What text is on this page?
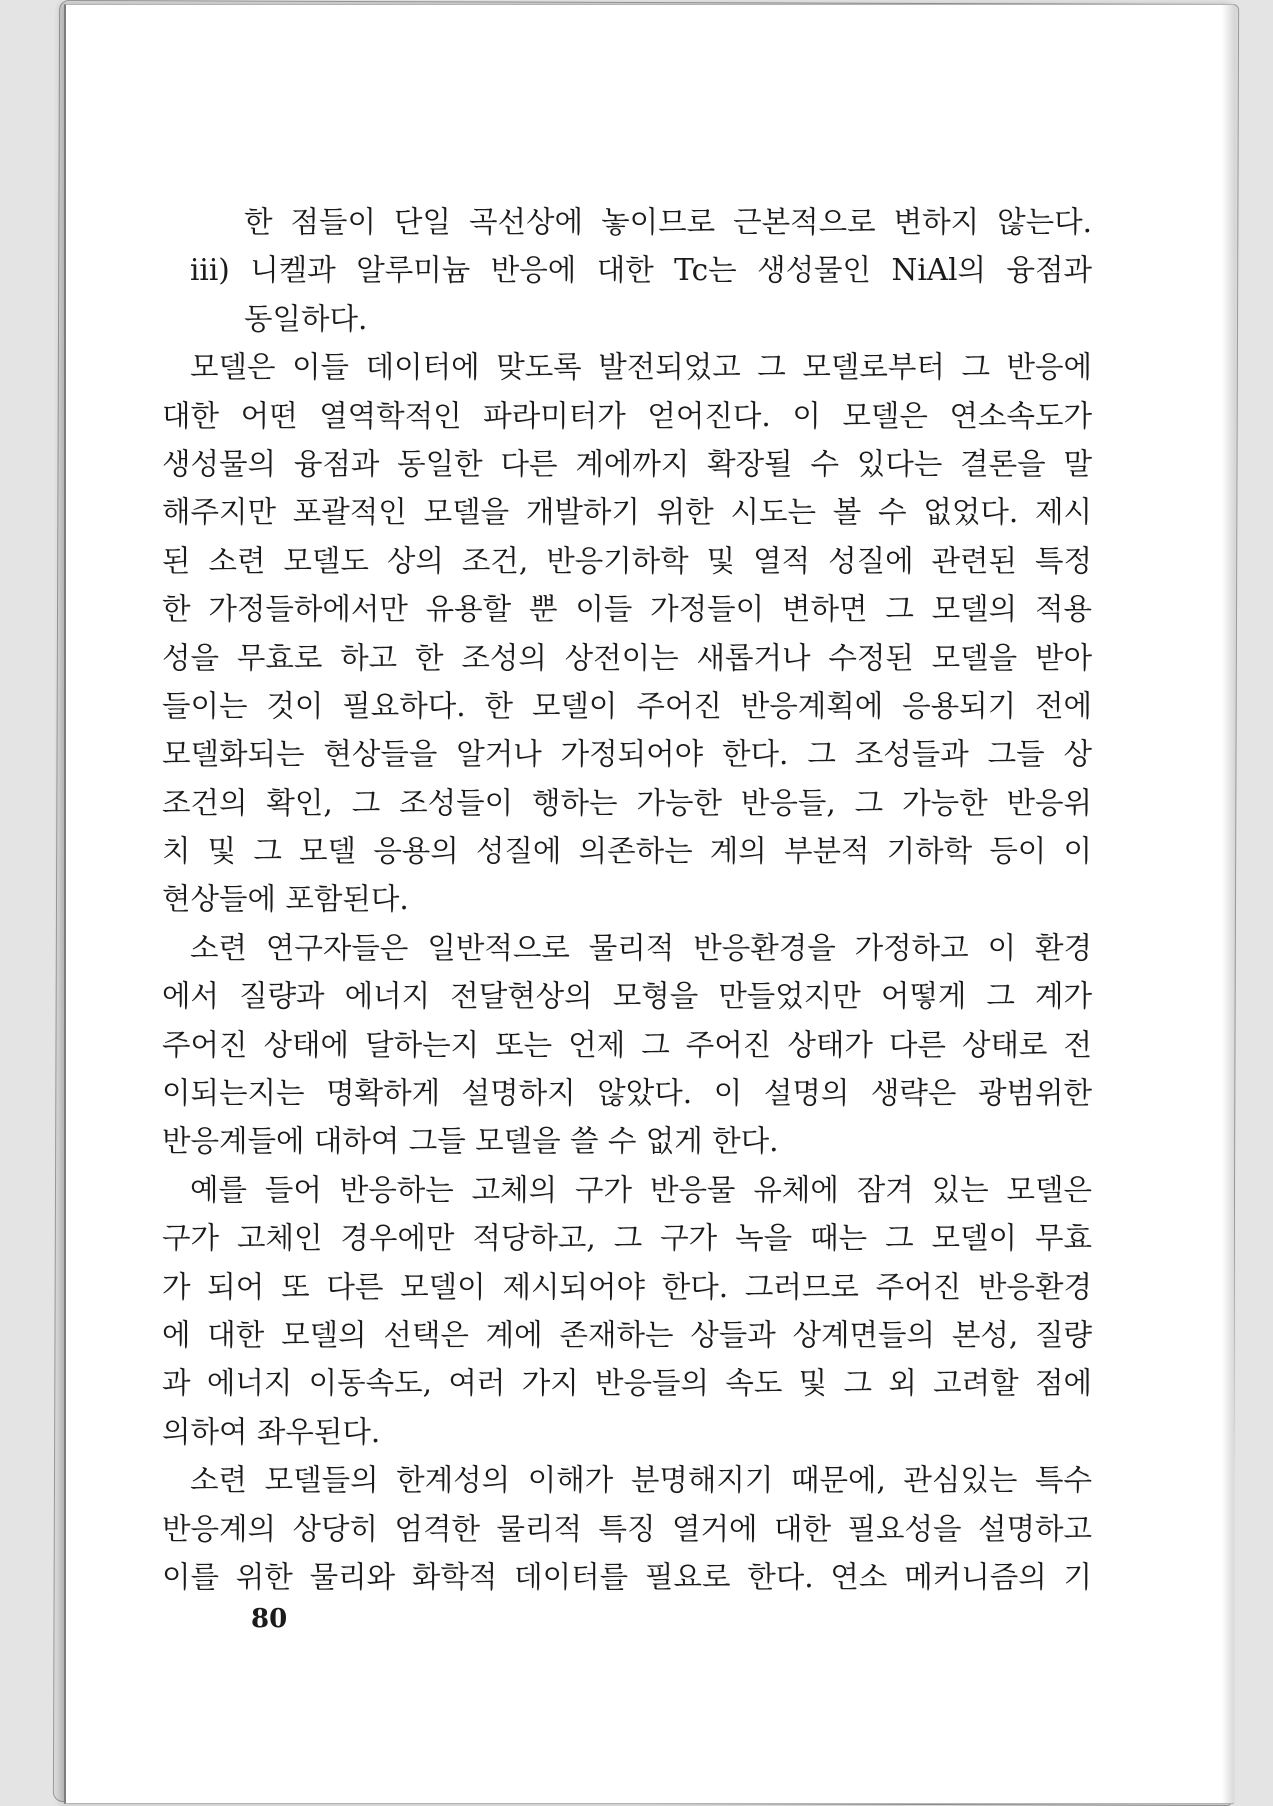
한 점들이 단일 곡선상에 놓이므로 근본적으로 변하지 않는다.
iii) 니켈과 알루미늄 반응에 대한 Tc는 생성물인 NiAl의 융점과
동일하다.
모델은 이들 데이터에 맞도록 발전되었고 그 모델로부터 그 반응에
대한 어떤 열역학적인 파라미터가 얻어진다. 이 모델은 연소속도가
생성물의 융점과 동일한 다른 계에까지 확장될 수 있다는 결론을 말
해주지만 포괄적인 모델을 개발하기 위한 시도는 볼 수 없었다. 제시
된 소련 모델도 상의 조건, 반응기하학 및 열적 성질에 관련된 특정
한 가정들하에서만 유용할 뿐 이들 가정들이 변하면 그 모델의 적용
성을 무효로 하고 한 조성의 상전이는 새롭거나 수정된 모델을 받아
들이는 것이 필요하다. 한 모델이 주어진 반응계획에 응용되기 전에
모델화되는 현상들을 알거나 가정되어야 한다. 그 조성들과 그들 상
조건의 확인, 그 조성들이 행하는 가능한 반응들, 그 가능한 반응위
치 및 그 모델 응용의 성질에 의존하는 계의 부분적 기하학 등이 이
현상들에 포함된다.
소련 연구자들은 일반적으로 물리적 반응환경을 가정하고 이 환경
에서 질량과 에너지 전달현상의 모형을 만들었지만 어떻게 그 계가
주어진 상태에 달하는지 또는 언제 그 주어진 상태가 다른 상태로 전
이되는지는 명확하게 설명하지 않았다. 이 설명의 생략은 광범위한
반응계들에 대하여 그들 모델을 쓸 수 없게 한다.
예를 들어 반응하는 고체의 구가 반응물 유체에 잠겨 있는 모델은
구가 고체인 경우에만 적당하고, 그 구가 녹을 때는 그 모델이 무효
가 되어 또 다른 모델이 제시되어야 한다. 그러므로 주어진 반응환경
에 대한 모델의 선택은 계에 존재하는 상들과 상계면들의 본성, 질량
과 에너지 이동속도, 여러 가지 반응들의 속도 및 그 외 고려할 점에
의하여 좌우된다.
소련 모델들의 한계성의 이해가 분명해지기 때문에, 관심있는 특수
반응계의 상당히 엄격한 물리적 특징 열거에 대한 필요성을 설명하고
이를 위한 물리와 화학적 데이터를 필요로 한다. 연소 메커니즘의 기
80
